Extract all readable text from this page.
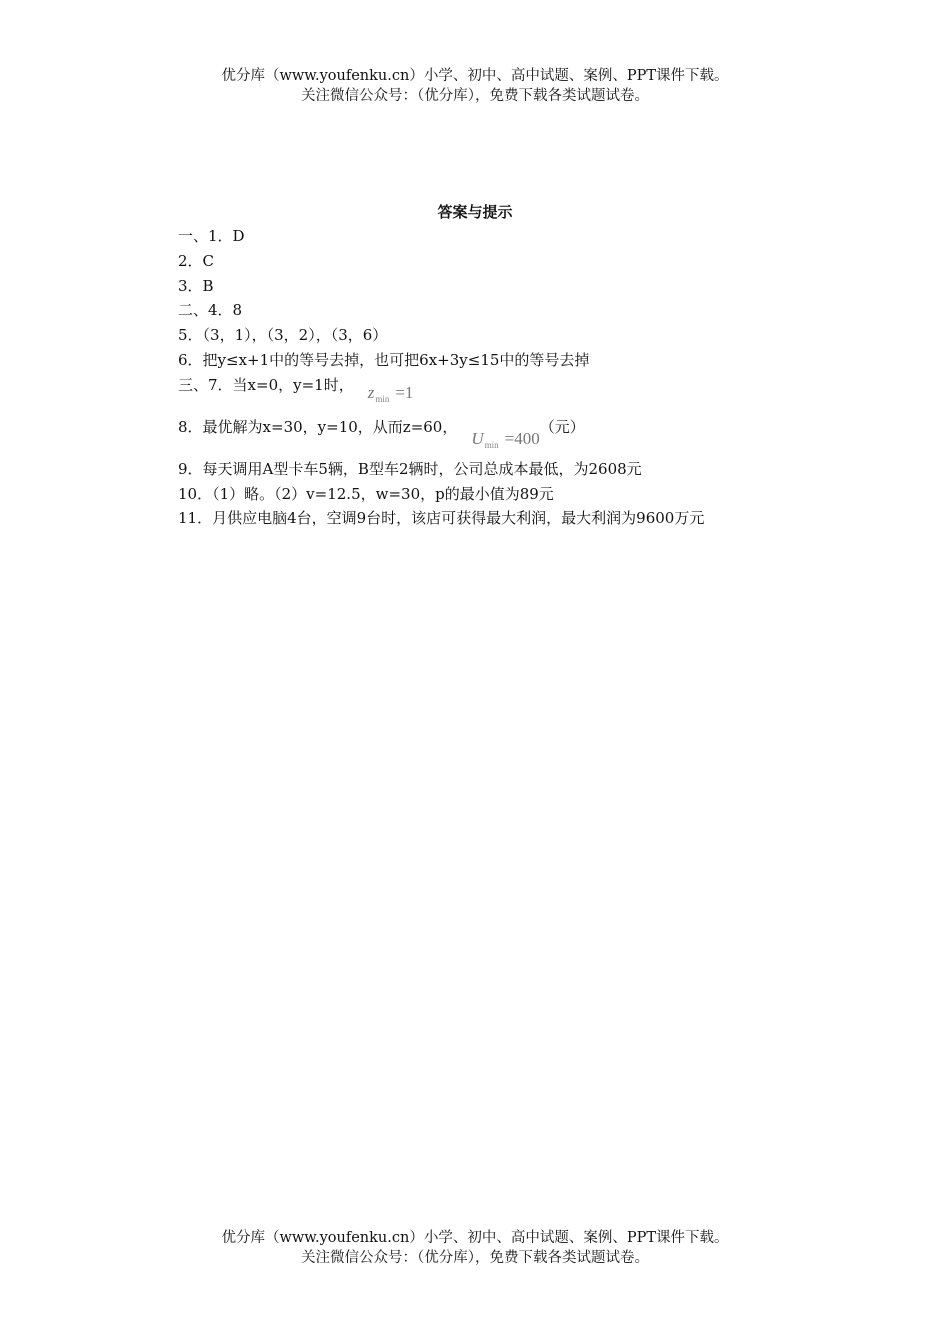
优分库（www.youfenku.cn）小学、初中、高中试题、案例、PPT课件下载。
关注微信公众号：（优分库），免费下载各类试题试卷。
答案与提示
一、1．D
2．C
3．B
二、4．8
5．（3，1），（3，2），（3，6）
6．把y≤x+1中的等号去掉，也可把6x+3y≤15中的等号去掉
三、7．当x=0，y=1时， $z_{min} =1$
8．最优解为x=30，y=10，从而z=60，$U_{min} =400$（元）
9．每天调用A型卡车5辆，B型车2辆时，公司总成本最低，为2608元
10．（1）略。（2）v=12.5，w=30，p的最小值为89元
11．月供应电脑4台，空调9台时，该店可获得最大利润，最大利润为9600万元
优分库（www.youfenku.cn）小学、初中、高中试题、案例、PPT课件下载。
关注微信公众号：（优分库），免费下载各类试题试卷。
